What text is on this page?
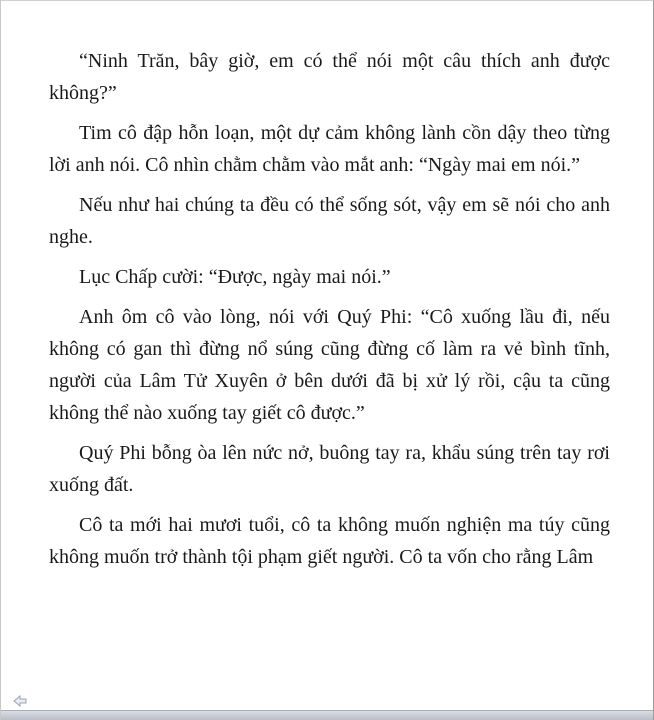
“Ninh Trăn, bây giờ, em có thể nói một câu thích anh được không?”

Tim cô đập hỗn loạn, một dự cảm không lành cồn dậy theo từng lời anh nói. Cô nhìn chằm chằm vào mắt anh: “Ngày mai em nói.”

Nếu như hai chúng ta đều có thể sống sót, vậy em sẽ nói cho anh nghe.

Lục Chấp cười: “Được, ngày mai nói.”

Anh ôm cô vào lòng, nói với Quý Phi: “Cô xuống lầu đi, nếu không có gan thì đừng nổ súng cũng đừng cố làm ra vẻ bình tĩnh, người của Lâm Tử Xuyên ở bên dưới đã bị xử lý rồi, cậu ta cũng không thể nào xuống tay giết cô được.”

Quý Phi bỗng òa lên nức nở, buông tay ra, khẩu súng trên tay rơi xuống đất.

Cô ta mới hai mươi tuổi, cô ta không muốn nghiện ma túy cũng không muốn trở thành tội phạm giết người. Cô ta vốn cho rằng Lâm
